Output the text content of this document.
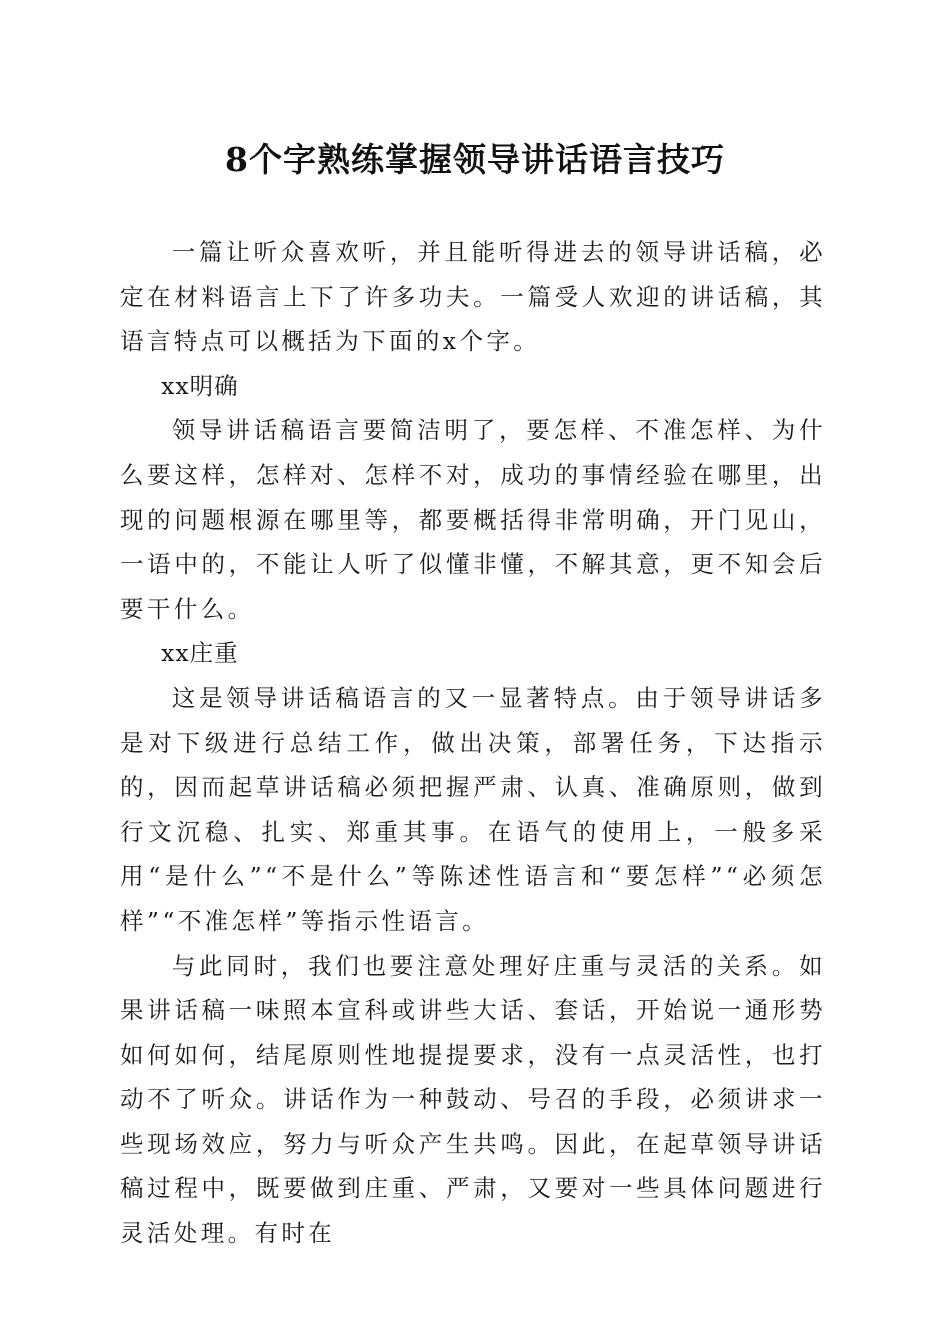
8个字熟练掌握领导讲话语言技巧

一篇让听众喜欢听，并且能听得进去的领导讲话稿，必定在材料语言上下了许多功夫。一篇受人欢迎的讲话稿，其语言特点可以概括为下面的x个字。

xx明确

领导讲话稿语言要简洁明了，要怎样、不准怎样、为什么要这样，怎样对、怎样不对，成功的事情经验在哪里，出现的问题根源在哪里等，都要概括得非常明确，开门见山，一语中的，不能让人听了似懂非懂，不解其意，更不知会后要干什么。

xx庄重

这是领导讲话稿语言的又一显著特点。由于领导讲话多是对下级进行总结工作，做出决策，部署任务，下达指示的，因而起草讲话稿必须把握严肃、认真、准确原则，做到行文沉稳、扎实、郑重其事。在语气的使用上，一般多采用“是什么”“不是什么”等陈述性语言和“要怎样”“必须怎样”“不准怎样”等指示性语言。

与此同时，我们也要注意处理好庄重与灵活的关系。如果讲话稿一味照本宣科或讲些大话、套话，开始说一通形势如何如何，结尾原则性地提提要求，没有一点灵活性，也打动不了听众。讲话作为一种鼓动、号召的手段，必须讲求一些现场效应，努力与听众产生共鸣。因此，在起草领导讲话稿过程中，既要做到庄重、严肃，又要对一些具体问题进行灵活处理。有时在
